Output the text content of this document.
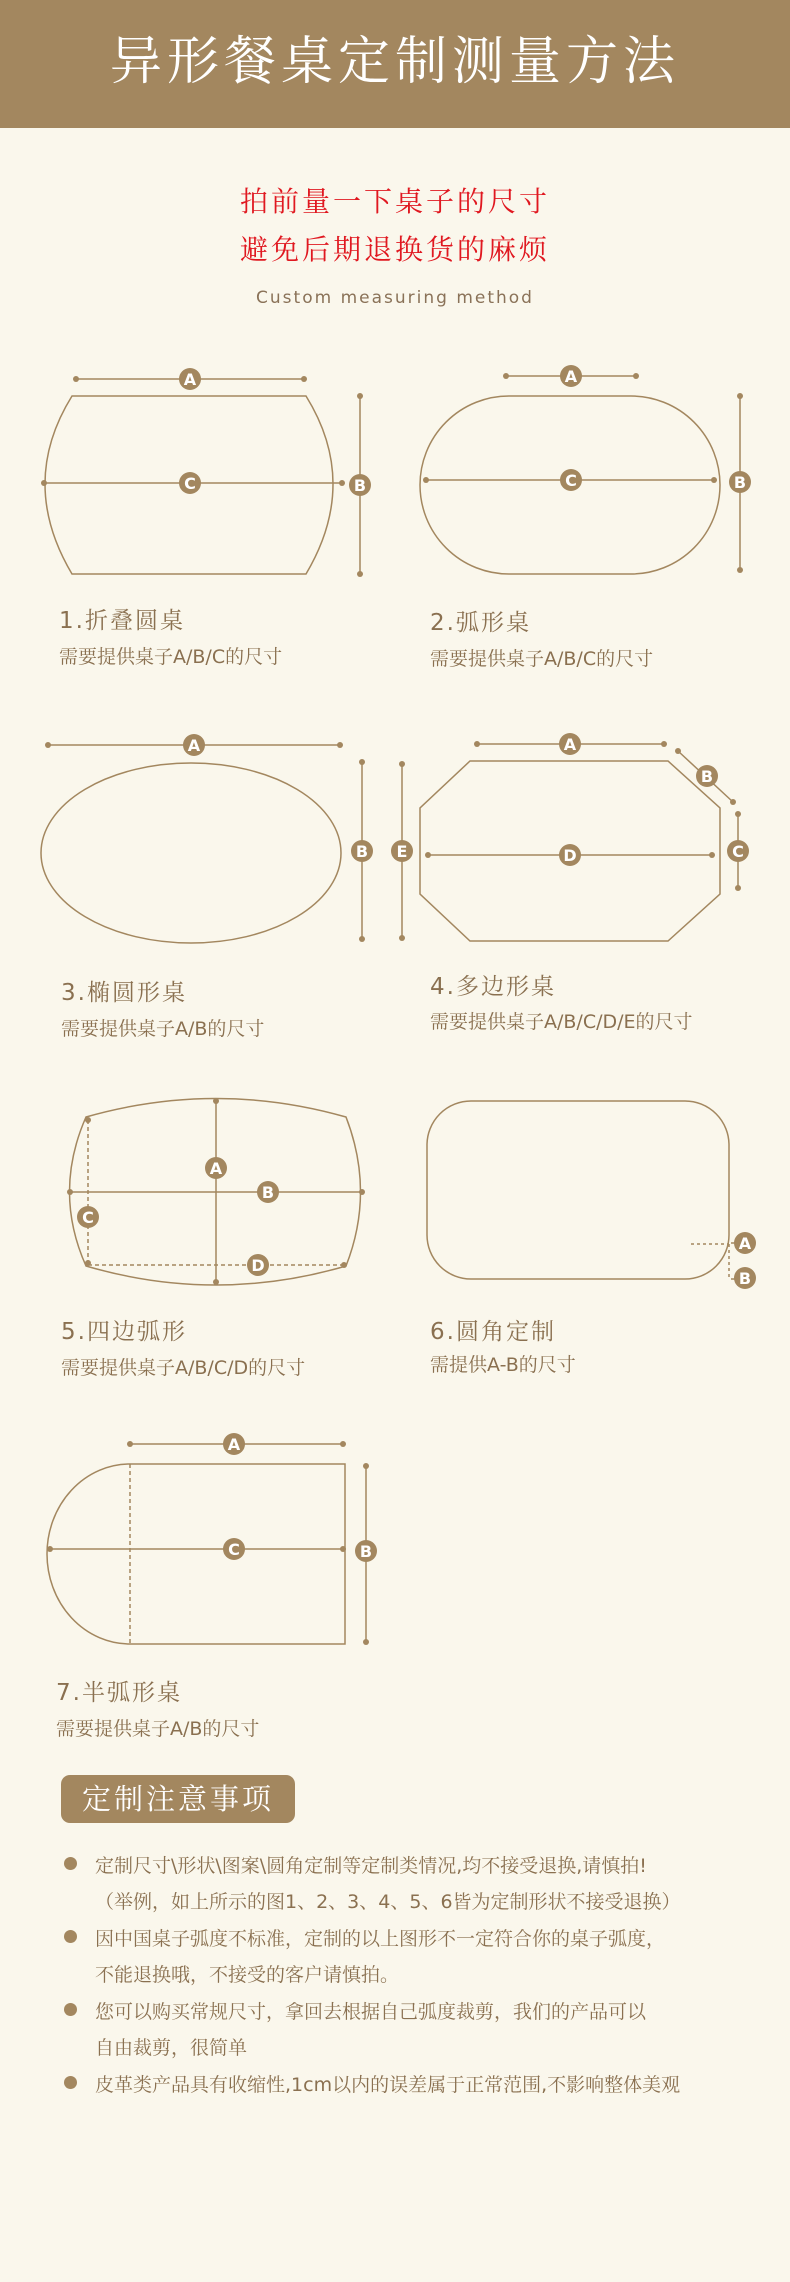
异形餐桌定制测量方法
拍前量一下桌子的尺寸
避免后期退换货的麻烦
Custom measuring method
A
C	B
A
C	B
A
B
A
B
D	C
E
A
B
C
D
A
B
A
C	B
1.折叠圆桌
需要提供桌子A/B/C的尺寸
2.弧形桌
需要提供桌子A/B/C的尺寸
3.椭圆形桌
需要提供桌子A/B的尺寸
4.多边形桌
需要提供桌子A/B/C/D/E的尺寸
5.四边弧形
需要提供桌子A/B/C/D的尺寸
6.圆角定制
需提供A-B的尺寸
7.半弧形桌
需要提供桌子A/B的尺寸
定制注意事项
定制尺寸\形状\图案\圆角定制等定制类情况,均不接受退换,请慎拍!
（举例，如上所示的图1、2、3、4、5、6皆为定制形状不接受退换）
因中国桌子弧度不标准，定制的以上图形不一定符合你的桌子弧度，
不能退换哦，不接受的客户请慎拍。
您可以购买常规尺寸，拿回去根据自己弧度裁剪，我们的产品可以
自由裁剪，很简单
皮革类产品具有收缩性,1cm以内的误差属于正常范围,不影响整体美观
